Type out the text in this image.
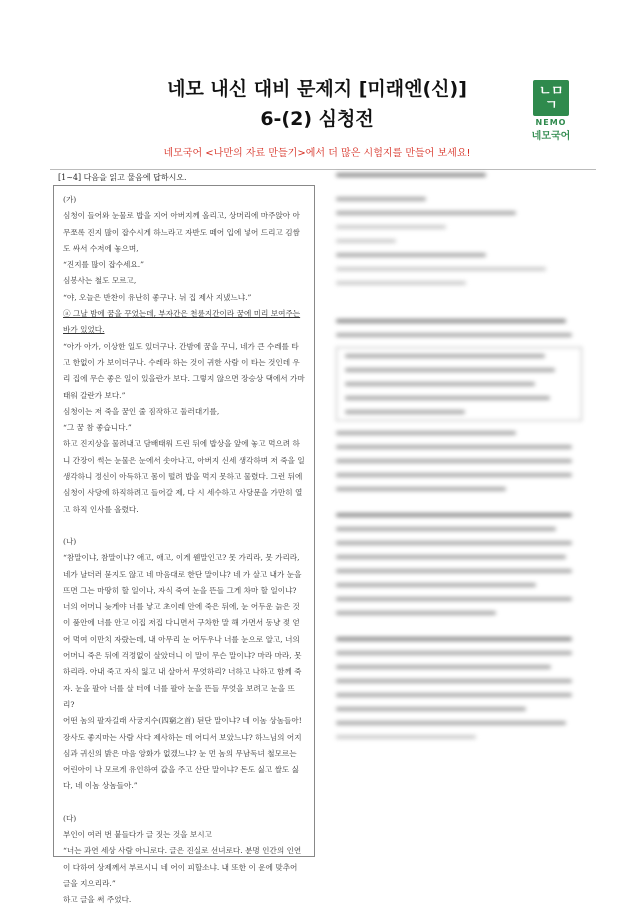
네모 내신 대비 문제지 [미래엔(신)]
6-(2) 심청전
네모국어 <나만의 자료 만들기>에서 더 많은 시험지를 만들어 보세요!
ㄴ ㅁ
ㄱ
NEMO
네모국어
[1~4] 다음을 읽고 물음에 답하시오.

(가)

심청이 들어와 눈물로 밥을 지어 아버지께 올리고, 상머리에 마주앉아 아무쪼록 진지 많이 잡수시게 하느라고 자반도 떼어 입에 넣어 드리고 김쌈도 싸서 수저에 놓으며,

“진지를 많이 잡수세요.”

심봉사는 철도 모르고,

“야, 오늘은 반찬이 유난히 좋구나. 뉘 집 제사 지냈느냐.”

ⓐ 그날 밤에 꿈을 꾸었는데, 부자간은 천륜지간이라 꿈에 미리 보여주는 바가 있었다.

“아가 아가, 이상한 일도 있더구나. 간밤에 꿈을 꾸니, 네가 큰 수레를 타고 한없이 가 보이더구나. 수레라 하는 것이 귀한 사람 이 타는 것인데 우리 집에 무슨 좋은 일이 있을란가 보다. 그렇지 않으면 장승상 댁에서 가마태워 갈란가 보다.”

심청이는 저 죽을 꿈인 줄 짐작하고 둘러대기를,

“그 꿈 참 좋습니다.”

하고 진지상을 물려내고 담배태워 드린 뒤에 밥상을 앞에 놓고 먹으려 하니 간장이 썩는 눈물은 눈에서 솟아나고, 아버지 신세 생각하며 저 죽을 일 생각하니 정신이 아득하고 몸이 떨려 밥을 먹지 못하고 물렸다. 그런 뒤에 심청이 사당에 하직하려고 들어갈 제, 다 시 세수하고 사당문을 가만히 열고 하직 인사를 올렸다.

(나)

“참말이냐, 참말이냐? 애고, 애고, 이게 웬말인고? 못 가리라, 못 가리라, 네가 날더러 묻지도 않고 네 마음대로 한단 말이냐? 네 가 살고 내가 눈을 뜨면 그는 마땅히 할 일이나, 자식 죽여 눈을 뜬들 그게 차마 할 일이냐? 너의 어머니 늦게야 너를 낳고 초이레 안에 죽은 뒤에, 눈 어두운 늙은 것이 품안에 너를 안고 이집 저집 다니면서 구차한 말 해 가면서 동냥 젖 얻어 먹여 이만치 자랐는데, 내 아무리 눈 어두우나 너를 눈으로 알고, 너의 어머니 죽은 뒤에 걱정없이 살았더니 이 말이 무슨 말이냐? 마라 마라, 못 하리라. 아내 죽고 자식 잃고 내 살아서 무엇하리? 너하고 나하고 함께 죽자. 눈을 팔아 너를 살 터에 너를 팔아 눈을 뜬들 무엇을 보려고 눈을 뜨리?

어떤 놈의 팔자길래 사궁지수(四窮之首) 된단 말이냐? 네 이놈 상놈들아! 장사도 좋지마는 사람 사다 제사하는 데 어디서 보았느냐? 하느님의 어지심과 귀신의 밝은 마음 앙화가 없겠느냐? 눈 먼 놈의 무남독녀 철모르는 어린아이 나 모르게 유인하여 값을 주고 산단 말이냐? 돈도 싫고 쌀도 싫다, 네 이놈 상놈들아.”

(다)

부인이 여러 번 붙들다가 글 짓는 것을 보시고

“너는 과연 세상 사람 아니로다. 글은 진실로 선녀로다. 분명 인간의 인연이 다하여 상제께서 부르시니 네 어이 피할소냐. 내 또한 이 운에 맞추어 글을 지으리라.”

하고 글을 써 주었다.
